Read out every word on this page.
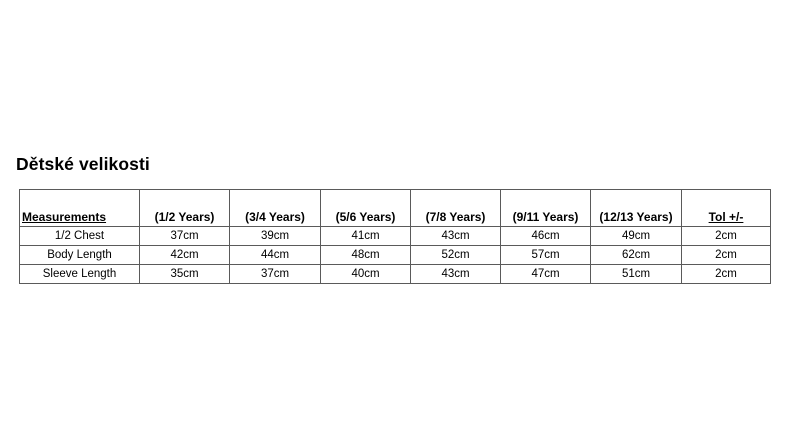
Dětské velikosti
Measurements	(1/2 Years)	(3/4 Years)	(5/6 Years)	(7/8 Years)	(9/11 Years)	(12/13 Years)	Tol +/-
1/2 Chest	37cm	39cm	41cm	43cm	46cm	49cm	2cm
Body Length	42cm	44cm	48cm	52cm	57cm	62cm	2cm
Sleeve Length	35cm	37cm	40cm	43cm	47cm	51cm	2cm
